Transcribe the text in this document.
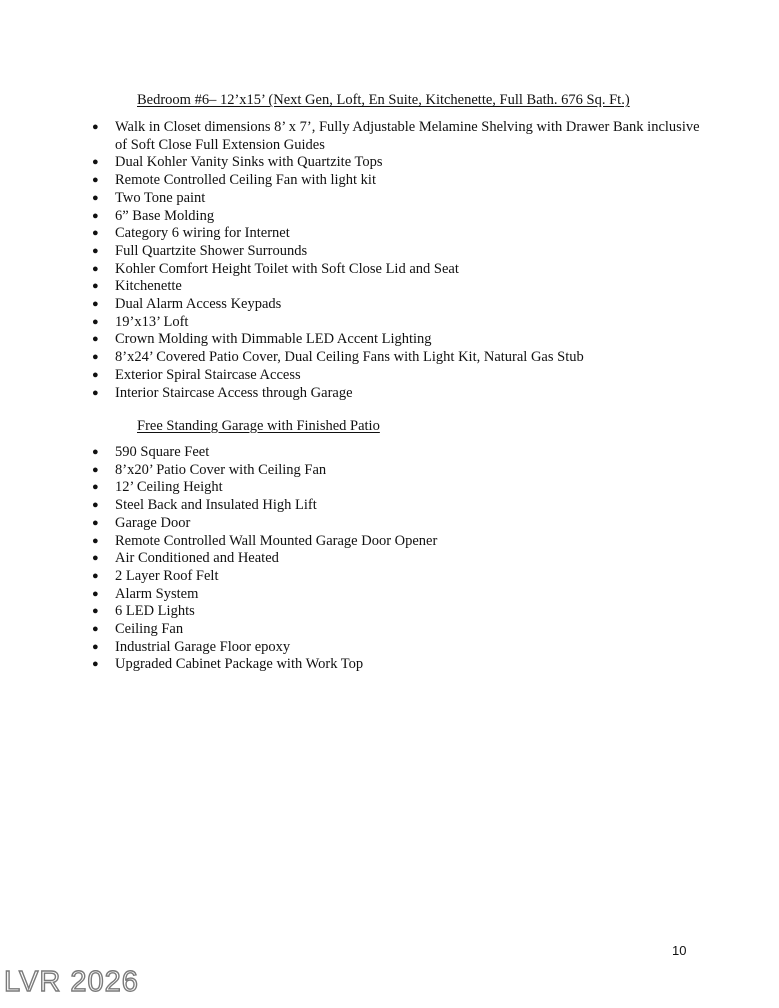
Bedroom #6– 12’x15’ (Next Gen, Loft, En Suite, Kitchenette, Full Bath. 676 Sq. Ft.)
● Walk in Closet dimensions 8’ x 7’, Fully Adjustable Melamine Shelving with Drawer Bank inclusive of Soft Close Full Extension Guides
● Dual Kohler Vanity Sinks with Quartzite Tops
● Remote Controlled Ceiling Fan with light kit
● Two Tone paint
● 6” Base Molding
● Category 6 wiring for Internet
● Full Quartzite Shower Surrounds
● Kohler Comfort Height Toilet with Soft Close Lid and Seat
● Kitchenette
● Dual Alarm Access Keypads
● 19’x13’ Loft
● Crown Molding with Dimmable LED Accent Lighting
● 8’x24’ Covered Patio Cover, Dual Ceiling Fans with Light Kit, Natural Gas Stub
● Exterior Spiral Staircase Access
● Interior Staircase Access through Garage
Free Standing Garage with Finished Patio
● 590 Square Feet
● 8’x20’ Patio Cover with Ceiling Fan
● 12’ Ceiling Height
● Steel Back and Insulated High Lift
● Garage Door
● Remote Controlled Wall Mounted Garage Door Opener
● Air Conditioned and Heated
● 2 Layer Roof Felt
● Alarm System
● 6 LED Lights
● Ceiling Fan
● Industrial Garage Floor epoxy
● Upgraded Cabinet Package with Work Top
10
LVR 2026
